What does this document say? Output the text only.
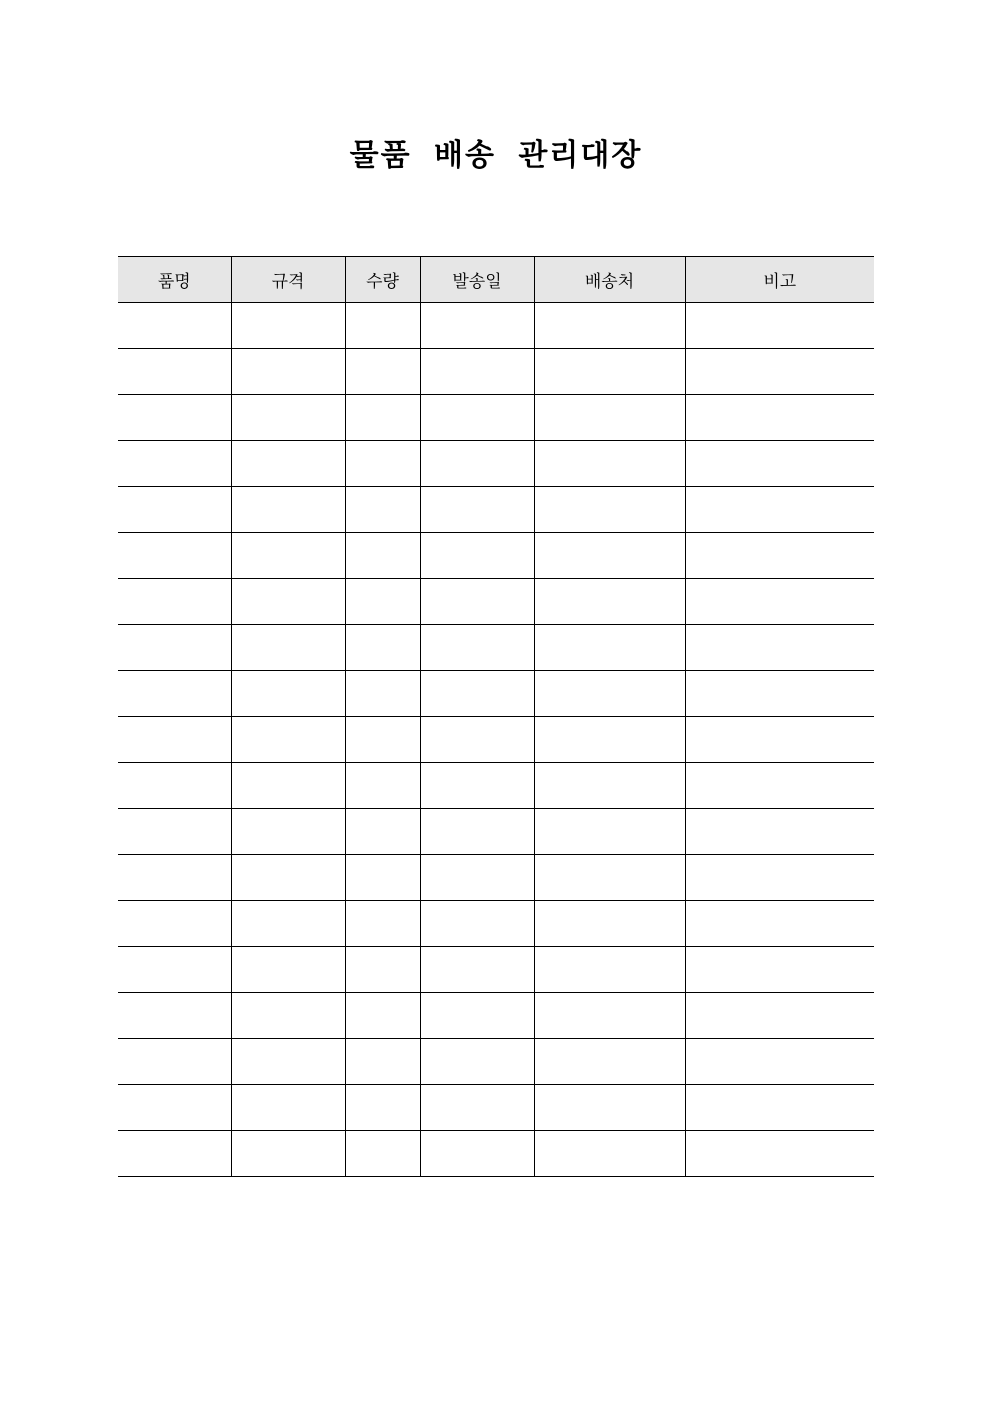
물품 배송 관리대장
품명	규격	수량	발송일	배송처	비고
